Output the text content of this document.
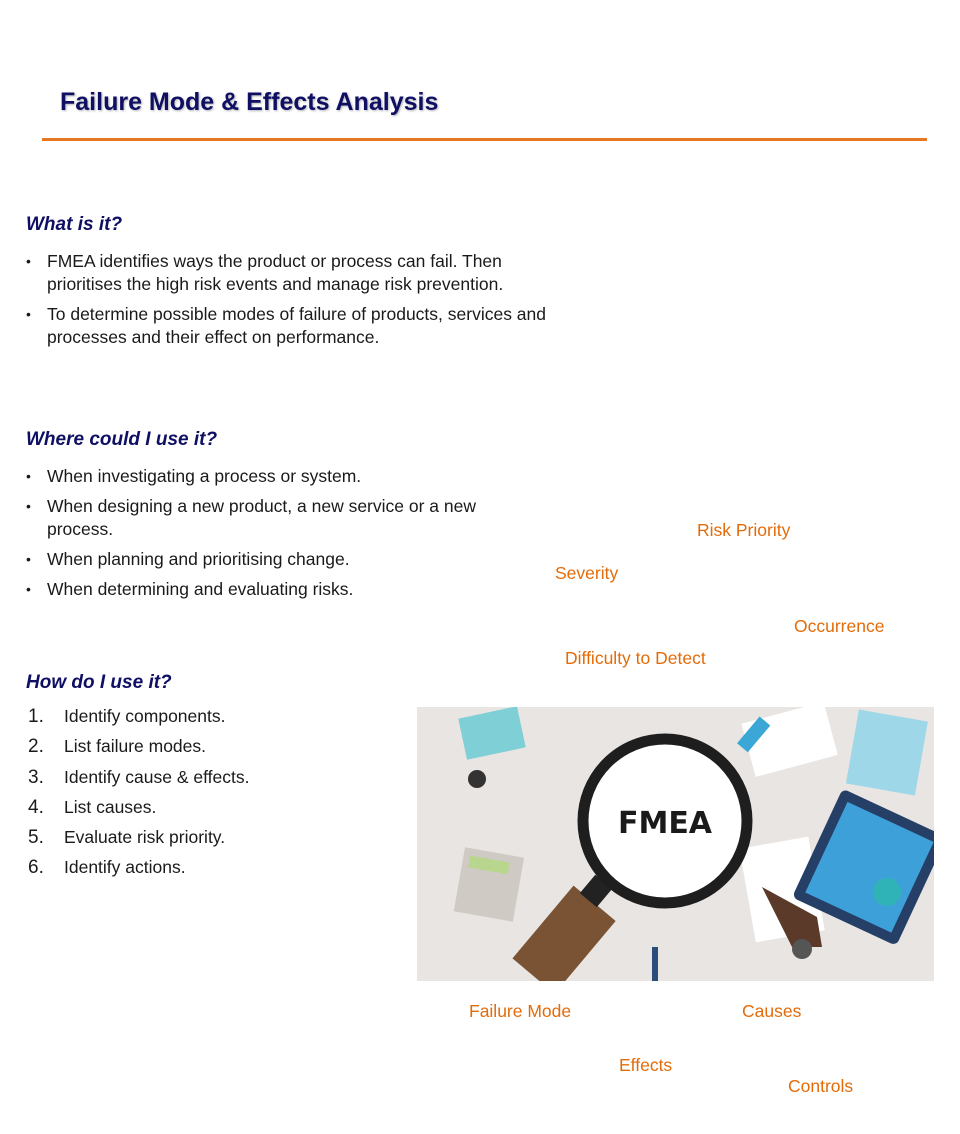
Failure Mode & Effects Analysis
What is it?
• FMEA identifies ways the product or process can fail. Then prioritises the high risk events and manage risk prevention.
• To determine possible modes of failure of products, services and processes and their effect on performance.
Where could I use it?
• When investigating a process or system.
• When designing a new product, a new service or a new process.
• When planning and prioritising change.
• When determining and evaluating risks.
How do I use it?
1.	Identify components.
2.	List failure modes.
3.	Identify cause & effects.
4.	List causes.
5.	Evaluate risk priority.
6.	Identify actions.
Risk Priority
Severity
Occurrence
Difficulty to Detect
Failure Mode	Causes
Effects
Controls
FMEA
